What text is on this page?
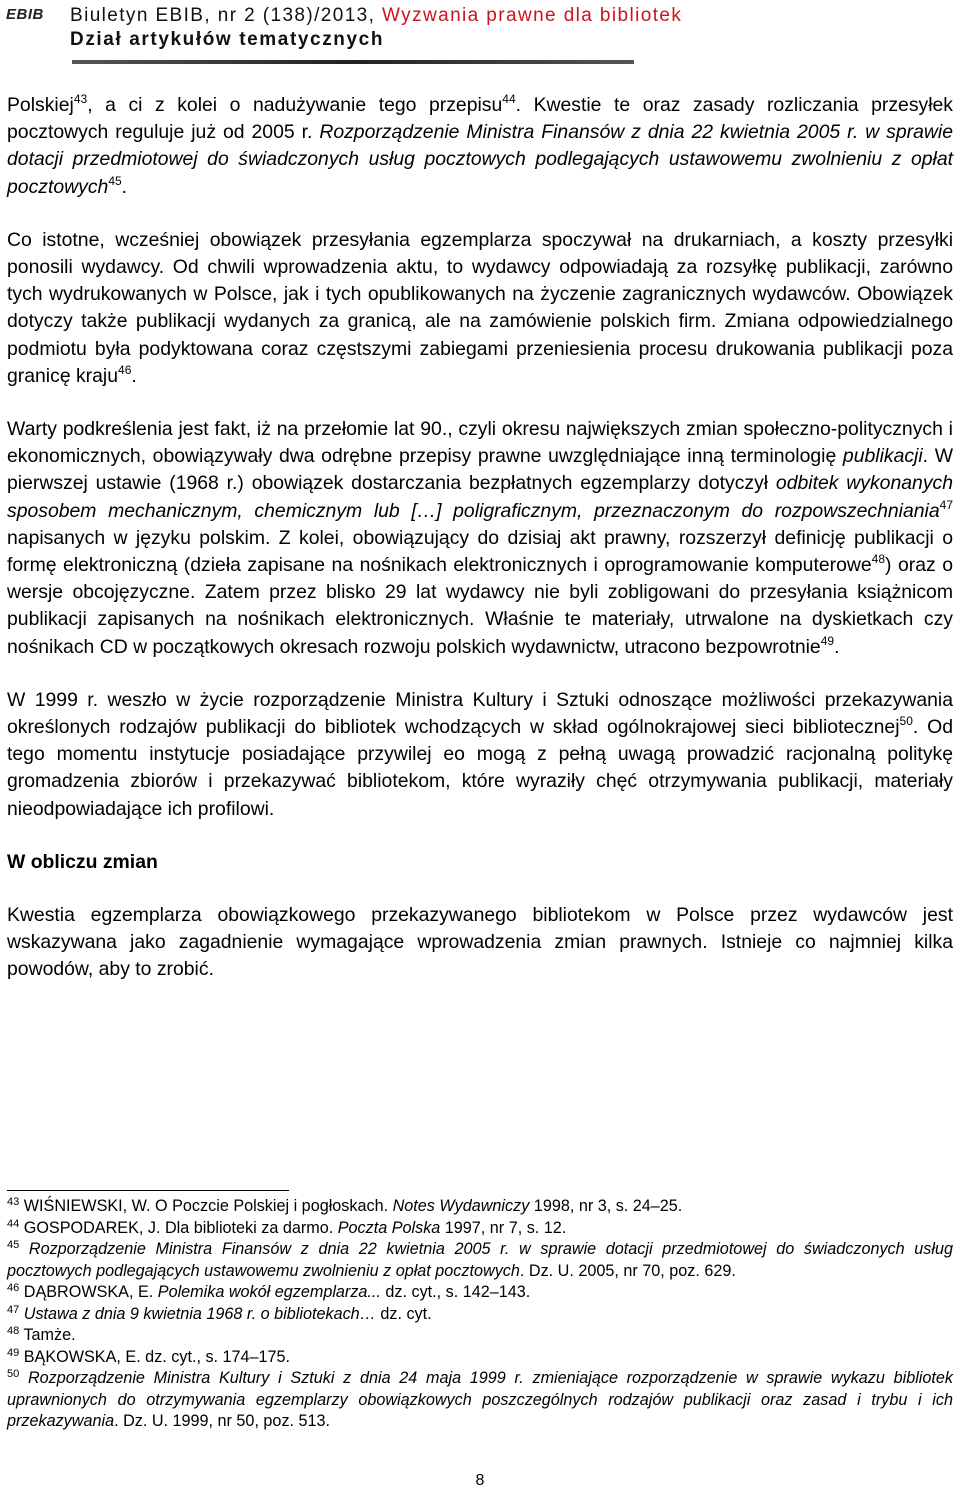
EBIB Biuletyn EBIB, nr 2 (138)/2013, Wyzwania prawne dla bibliotek
Dział artykułów tematycznych

Polskiej$^{43}$, a ci z kolei o nadużywanie tego przepisu$^{44}$. Kwestie te oraz zasady rozliczania przesyłek pocztowych reguluje już od 2005 r. Rozporządzenie Ministra Finansów z dnia 22 kwietnia 2005 r. w sprawie dotacji przedmiotowej do świadczonych usług pocztowych podlegających ustawowemu zwolnieniu z opłat pocztowych$^{45}$.

Co istotne, wcześniej obowiązek przesyłania egzemplarza spoczywał na drukarniach, a koszty przesyłki ponosili wydawcy. Od chwili wprowadzenia aktu, to wydawcy odpowiadają za rozsyłkę publikacji, zarówno tych wydrukowanych w Polsce, jak i tych opublikowanych na życzenie zagranicznych wydawców. Obowiązek dotyczy także publikacji wydanych za granicą, ale na zamówienie polskich firm. Zmiana odpowiedzialnego podmiotu była podyktowana coraz częstszymi zabiegami przeniesienia procesu drukowania publikacji poza granicę kraju$^{46}$.

Warty podkreślenia jest fakt, iż na przełomie lat 90., czyli okresu największych zmian społeczno-politycznych i ekonomicznych, obowiązywały dwa odrębne przepisy prawne uwzględniające inną terminologię publikacji. W pierwszej ustawie (1968 r.) obowiązek dostarczania bezpłatnych egzemplarzy dotyczył odbitek wykonanych sposobem mechanicznym, chemicznym lub […] poligraficznym, przeznaczonym do rozpowszechniania$^{47}$ napisanych w języku polskim. Z kolei, obowiązujący do dzisiaj akt prawny, rozszerzył definicję publikacji o formę elektroniczną (dzieła zapisane na nośnikach elektronicznych i oprogramowanie komputerowe$^{48}$) oraz o wersje obcojęzyczne. Zatem przez blisko 29 lat wydawcy nie byli zobligowani do przesyłania książnicom publikacji zapisanych na nośnikach elektronicznych. Właśnie te materiały, utrwalone na dyskietkach czy nośnikach CD w początkowych okresach rozwoju polskich wydawnictw, utracono bezpowrotnie$^{49}$.

W 1999 r. weszło w życie rozporządzenie Ministra Kultury i Sztuki odnoszące możliwości przekazywania określonych rodzajów publikacji do bibliotek wchodzących w skład ogólnokrajowej sieci bibliotecznej$^{50}$. Od tego momentu instytucje posiadające przywilej eo mogą z pełną uwagą prowadzić racjonalną politykę gromadzenia zbiorów i przekazywać bibliotekom, które wyraziły chęć otrzymywania publikacji, materiały nieodpowiadające ich profilowi.

W obliczu zmian

Kwestia egzemplarza obowiązkowego przekazywanego bibliotekom w Polsce przez wydawców jest wskazywana jako zagadnienie wymagające wprowadzenia zmian prawnych. Istnieje co najmniej kilka powodów, aby to zrobić.

$^{43}$ WIŚNIEWSKI, W. O Poczcie Polskiej i pogłoskach. Notes Wydawniczy 1998, nr 3, s. 24–25.

$^{44}$ GOSPODAREK, J. Dla biblioteki za darmo. Poczta Polska 1997, nr 7, s. 12.

$^{45}$ Rozporządzenie Ministra Finansów z dnia 22 kwietnia 2005 r. w sprawie dotacji przedmiotowej do świadczonych usług pocztowych podlegających ustawowemu zwolnieniu z opłat pocztowych. Dz. U. 2005, nr 70, poz. 629.

$^{46}$ DĄBROWSKA, E. Polemika wokół egzemplarza... dz. cyt., s. 142–143.

$^{47}$ Ustawa z dnia 9 kwietnia 1968 r. o bibliotekach… dz. cyt.

$^{48}$ Tamże.

$^{49}$ BĄKOWSKA, E. dz. cyt., s. 174–175.

$^{50}$ Rozporządzenie Ministra Kultury i Sztuki z dnia 24 maja 1999 r. zmieniające rozporządzenie w sprawie wykazu bibliotek uprawnionych do otrzymywania egzemplarzy obowiązkowych poszczególnych rodzajów publikacji oraz zasad i trybu i ich przekazywania. Dz. U. 1999, nr 50, poz. 513.

8
